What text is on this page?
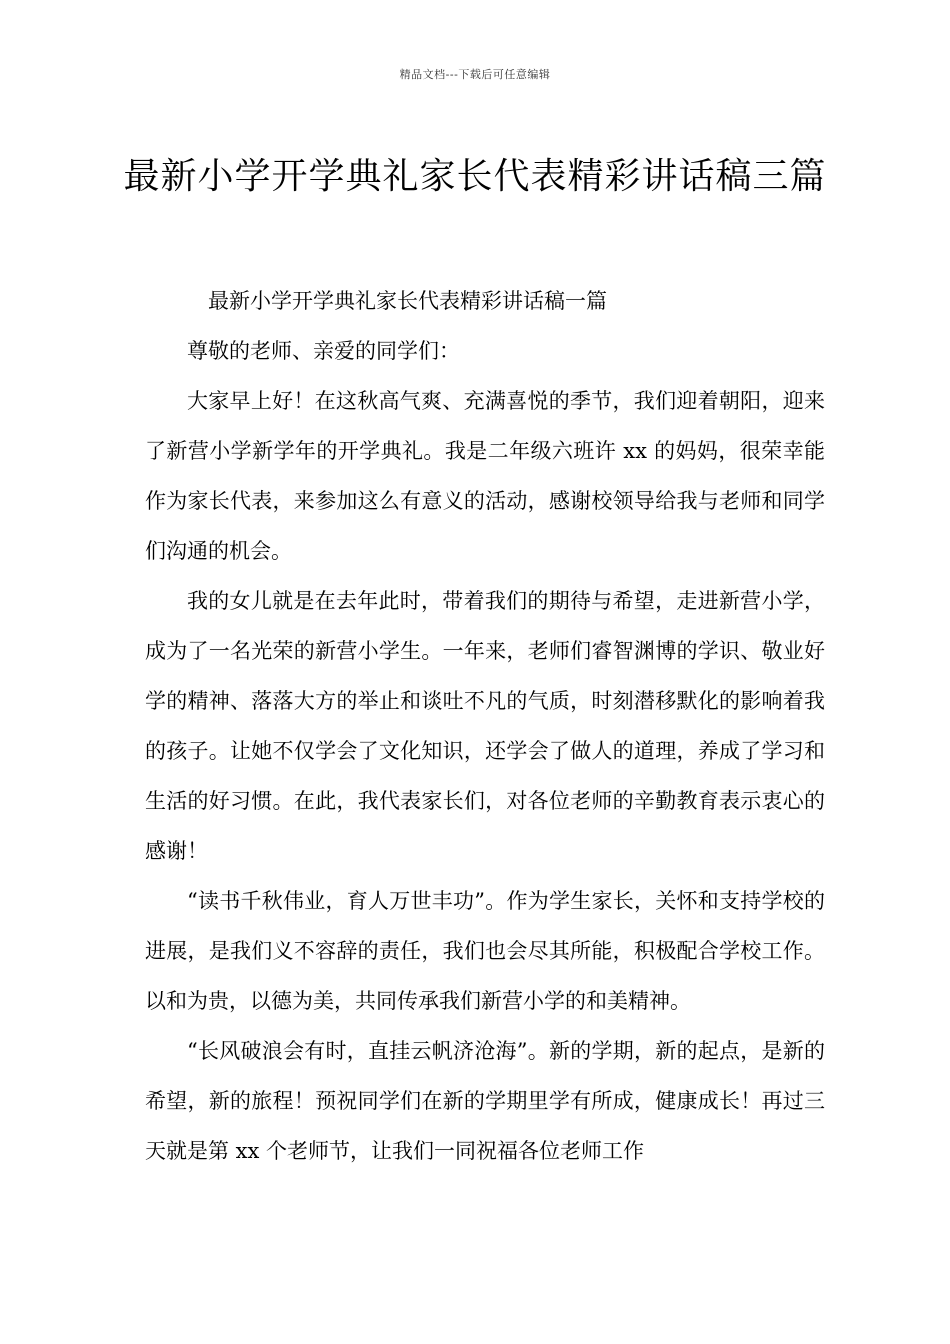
精品文档---下载后可任意编辑
最新小学开学典礼家长代表精彩讲话稿三篇

最新小学开学典礼家长代表精彩讲话稿一篇

尊敬的老师、亲爱的同学们：

大家早上好！在这秋高气爽、充满喜悦的季节，我们迎着朝阳，迎来了新营小学新学年的开学典礼。我是二年级六班许 xx 的妈妈，很荣幸能作为家长代表，来参加这么有意义的活动，感谢校领导给我与老师和同学们沟通的机会。

我的女儿就是在去年此时，带着我们的期待与希望，走进新营小学，成为了一名光荣的新营小学生。一年来，老师们睿智渊博的学识、敬业好学的精神、落落大方的举止和谈吐不凡的气质，时刻潜移默化的影响着我的孩子。让她不仅学会了文化知识，还学会了做人的道理，养成了学习和生活的好习惯。在此，我代表家长们，对各位老师的辛勤教育表示衷心的感谢！

“读书千秋伟业，育人万世丰功”。作为学生家长，关怀和支持学校的进展，是我们义不容辞的责任，我们也会尽其所能，积极配合学校工作。以和为贵，以德为美，共同传承我们新营小学的和美精神。

“长风破浪会有时，直挂云帆济沧海”。新的学期，新的起点，是新的希望，新的旅程！预祝同学们在新的学期里学有所成，健康成长！再过三天就是第 xx 个老师节，让我们一同祝福各位老师工作
